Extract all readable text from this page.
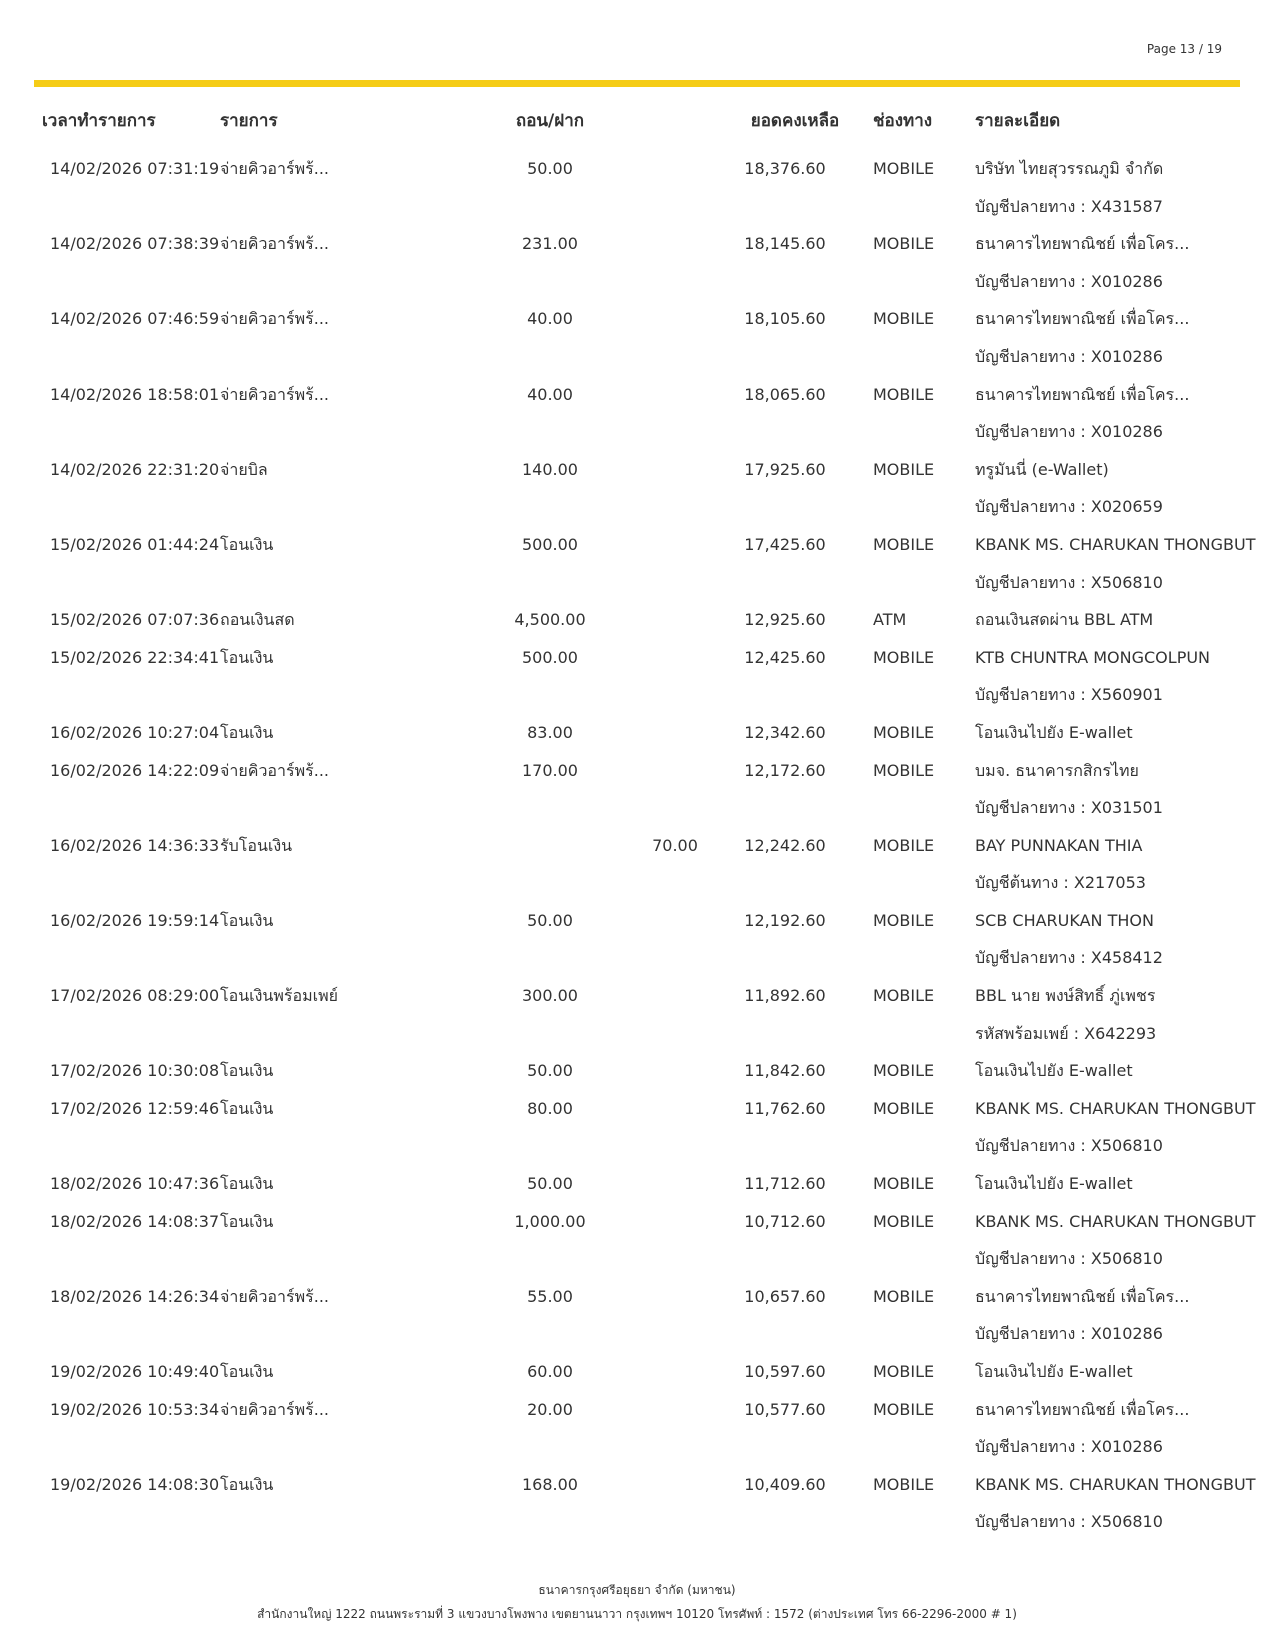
Page 13 / 19
เวลาทำรายการ	รายการ	ถอน/ฝาก	ยอดคงเหลือ	ช่องทาง	รายละเอียด
14/02/2026 07:31:19 จ่ายคิวอาร์พร้...	50.00	18,376.60	MOBILE	บริษัท ไทยสุวรรณภูมิ จำกัด
บัญชีปลายทาง : X431587
14/02/2026 07:38:39 จ่ายคิวอาร์พร้...	231.00	18,145.60	MOBILE	ธนาคารไทยพาณิชย์ เพื่อโคร...
บัญชีปลายทาง : X010286
14/02/2026 07:46:59 จ่ายคิวอาร์พร้...	40.00	18,105.60	MOBILE	ธนาคารไทยพาณิชย์ เพื่อโคร...
บัญชีปลายทาง : X010286
14/02/2026 18:58:01 จ่ายคิวอาร์พร้...	40.00	18,065.60	MOBILE	ธนาคารไทยพาณิชย์ เพื่อโคร...
บัญชีปลายทาง : X010286
14/02/2026 22:31:20 จ่ายบิล	140.00	17,925.60	MOBILE	ทรูมันนี่ (e-Wallet)
บัญชีปลายทาง : X020659
15/02/2026 01:44:24 โอนเงิน	500.00	17,425.60	MOBILE	KBANK MS. CHARUKAN THONGBUT
บัญชีปลายทาง : X506810
15/02/2026 07:07:36 ถอนเงินสด	4,500.00	12,925.60	ATM	ถอนเงินสดผ่าน BBL ATM
15/02/2026 22:34:41 โอนเงิน	500.00	12,425.60	MOBILE	KTB CHUNTRA MONGCOLPUN
บัญชีปลายทาง : X560901
16/02/2026 10:27:04 โอนเงิน	83.00	12,342.60	MOBILE	โอนเงินไปยัง E-wallet
16/02/2026 14:22:09 จ่ายคิวอาร์พร้...	170.00	12,172.60	MOBILE	บมจ. ธนาคารกสิกรไทย
บัญชีปลายทาง : X031501
16/02/2026 14:36:33 รับโอนเงิน	70.00	12,242.60	MOBILE	BAY PUNNAKAN THIA
บัญชีต้นทาง : X217053
16/02/2026 19:59:14 โอนเงิน	50.00	12,192.60	MOBILE	SCB CHARUKAN THON
บัญชีปลายทาง : X458412
17/02/2026 08:29:00 โอนเงินพร้อมเพย์	300.00	11,892.60	MOBILE	BBL นาย พงษ์สิทธิ์ ภู่เพชร
รหัสพร้อมเพย์ : X642293
17/02/2026 10:30:08 โอนเงิน	50.00	11,842.60	MOBILE	โอนเงินไปยัง E-wallet
17/02/2026 12:59:46 โอนเงิน	80.00	11,762.60	MOBILE	KBANK MS. CHARUKAN THONGBUT
บัญชีปลายทาง : X506810
18/02/2026 10:47:36 โอนเงิน	50.00	11,712.60	MOBILE	โอนเงินไปยัง E-wallet
18/02/2026 14:08:37 โอนเงิน	1,000.00	10,712.60	MOBILE	KBANK MS. CHARUKAN THONGBUT
บัญชีปลายทาง : X506810
18/02/2026 14:26:34 จ่ายคิวอาร์พร้...	55.00	10,657.60	MOBILE	ธนาคารไทยพาณิชย์ เพื่อโคร...
บัญชีปลายทาง : X010286
19/02/2026 10:49:40 โอนเงิน	60.00	10,597.60	MOBILE	โอนเงินไปยัง E-wallet
19/02/2026 10:53:34 จ่ายคิวอาร์พร้...	20.00	10,577.60	MOBILE	ธนาคารไทยพาณิชย์ เพื่อโคร...
บัญชีปลายทาง : X010286
19/02/2026 14:08:30 โอนเงิน	168.00	10,409.60	MOBILE	KBANK MS. CHARUKAN THONGBUT
บัญชีปลายทาง : X506810
ธนาคารกรุงศรีอยุธยา จำกัด (มหาชน)
สำนักงานใหญ่ 1222 ถนนพระรามที่ 3 แขวงบางโพงพาง เขตยานนาวา กรุงเทพฯ 10120 โทรศัพท์ : 1572 (ต่างประเทศ โทร 66-2296-2000 # 1)
